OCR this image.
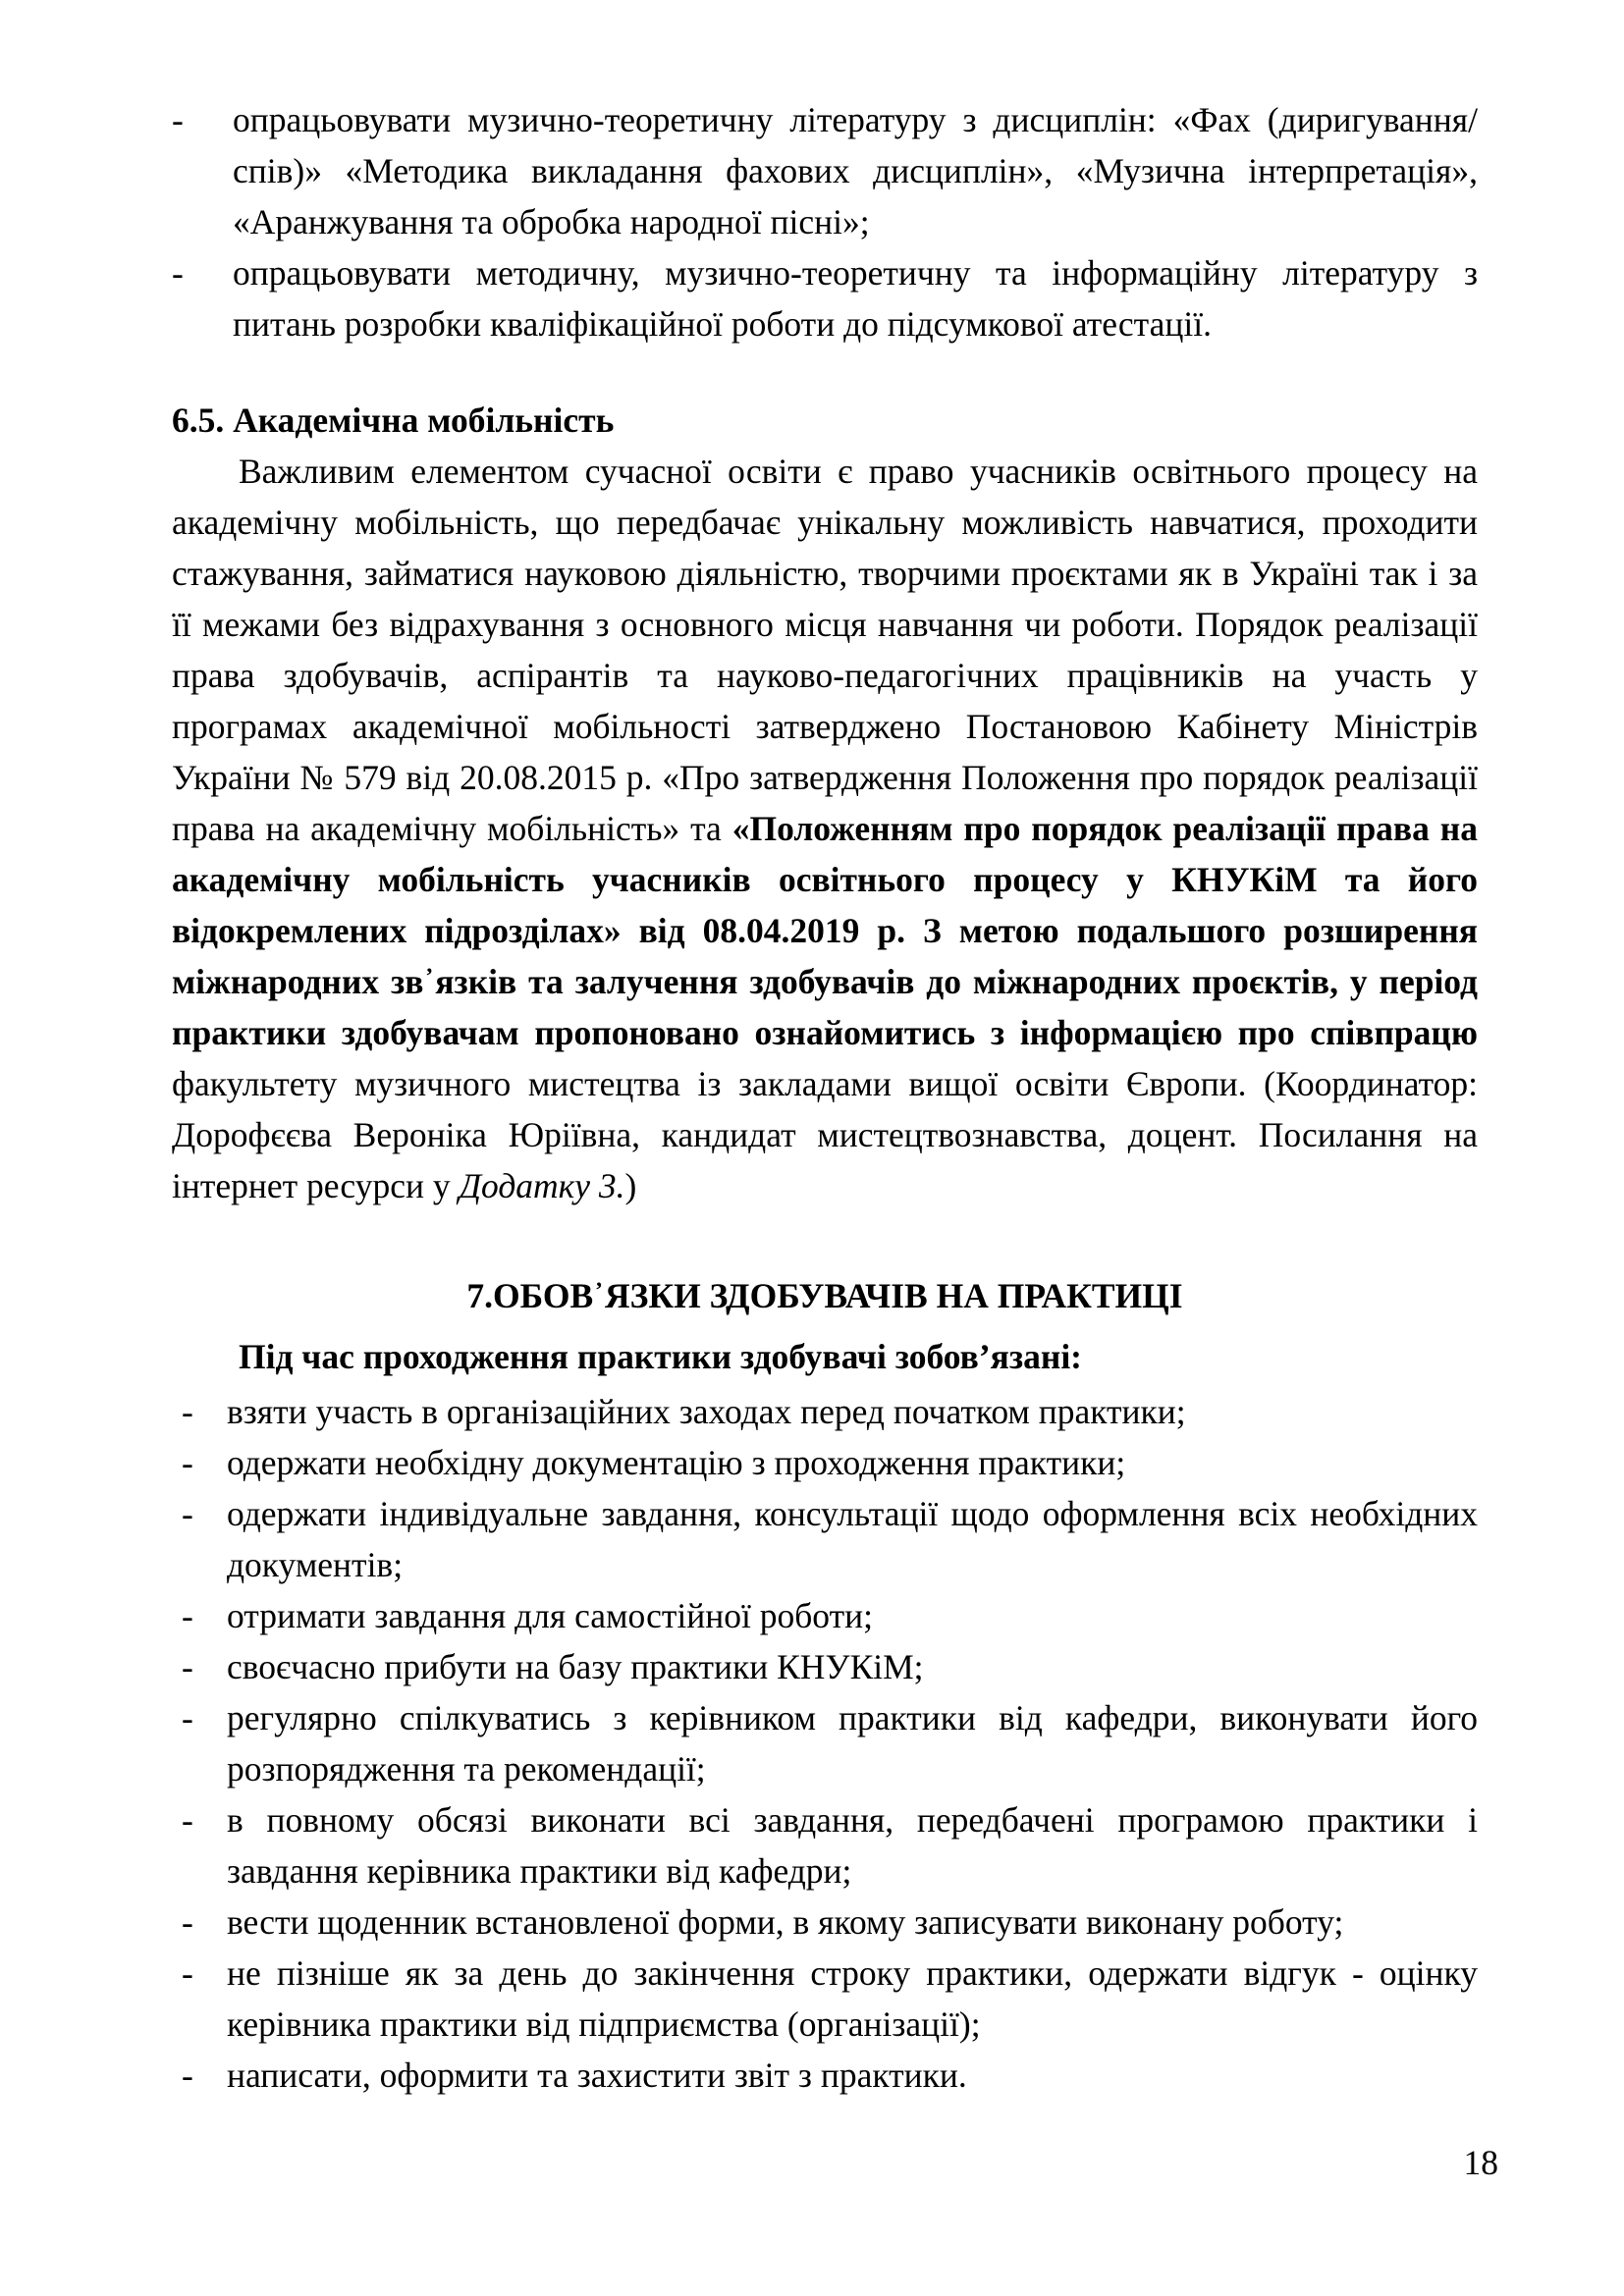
- опрацьовувати музично-теоретичну літературу з дисциплін: «Фах (диригування/спів)» «Методика викладання фахових дисциплін», «Музична інтерпретація», «Аранжування та обробка народної пісні»;
- опрацьовувати методичну, музично-теоретичну та інформаційну літературу з питань розробки кваліфікаційної роботи до підсумкової атестації.
6.5. Академічна мобільність

Важливим елементом сучасної освіти є право учасників освітнього процесу на академічну мобільність, що передбачає унікальну можливість навчатися, проходити стажування, займатися науковою діяльністю, творчими проєктами як в Україні так і за її межами без відрахування з основного місця навчання чи роботи. Порядок реалізації права здобувачів, аспірантів та науково-педагогічних працівників на участь у програмах академічної мобільності затверджено Постановою Кабінету Міністрів України № 579 від 20.08.2015 р. «Про затвердження Положення про порядок реалізації права на академічну мобільність» та «Положенням про порядок реалізації права на академічну мобільність учасників освітнього процесу у КНУКіМ та його відокремлених підрозділах» від 08.04.2019 р. З метою подальшого розширення міжнародних зв᾽язків та залучення здобувачів до міжнародних проєктів, у період практики здобувачам пропоновано ознайомитись з інформацією про співпрацю факультету музичного мистецтва із закладами вищої освіти Європи. (Координатор: Дорофєєва Вероніка Юріївна, кандидат мистецтвознавства, доцент. Посилання на інтернет ресурси у Додатку 3.)

7.ОБОВ᾽ЯЗКИ ЗДОБУВАЧІВ НА ПРАКТИЦІ

Під час проходження практики здобувачі зобов’язані:

- взяти участь в організаційних заходах перед початком практики;
- одержати необхідну документацію з проходження практики;
- одержати індивідуальне завдання, консультації щодо оформлення всіх необхідних документів;
- отримати завдання для самостійної роботи;
- своєчасно прибути на базу практики КНУКіМ;
- регулярно спілкуватись з керівником практики від кафедри, виконувати його розпорядження та рекомендації;
- в повному обсязі виконати всі завдання, передбачені програмою практики і завдання керівника практики від кафедри;
- вести щоденник встановленої форми, в якому записувати виконану роботу;
- не пізніше як за день до закінчення строку практики, одержати відгук - оцінку керівника практики від підприємства (організації);
- написати, оформити та захистити звіт з практики.
18
